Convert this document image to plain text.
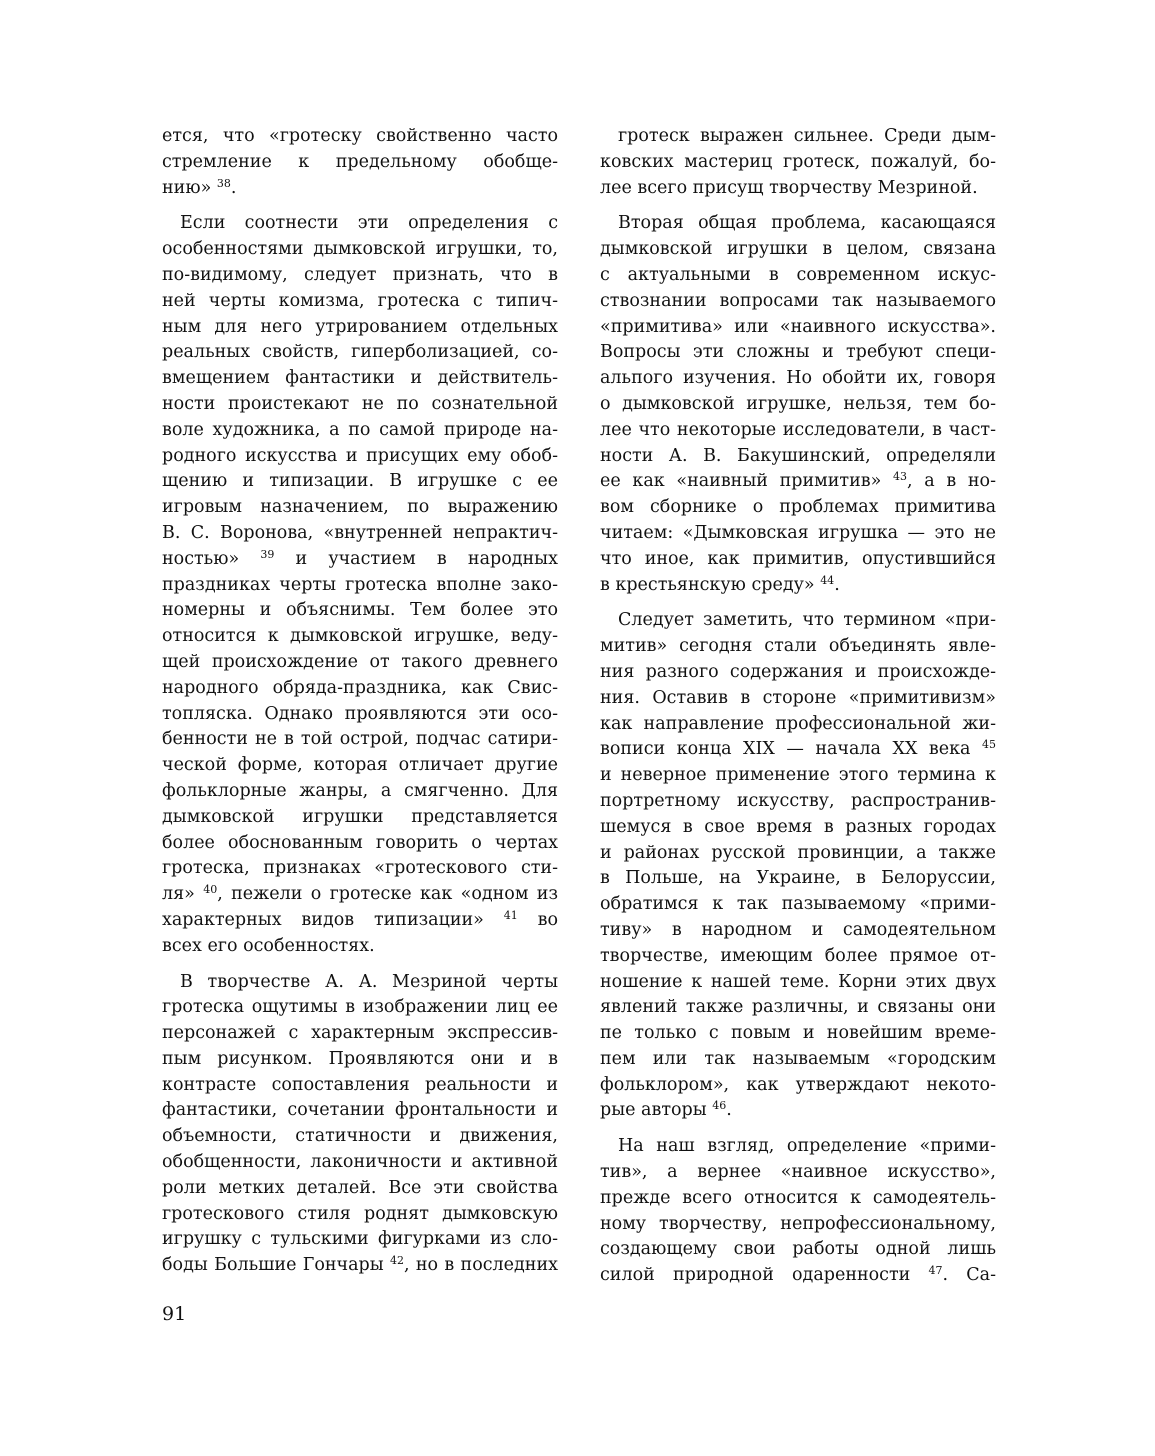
ется, что «гротеску свойственно часто
стремление к предельному обобще-
нию» $^{38}$.
Если соотнести эти определения с
особенностями дымковской игрушки, то,
по-видимому, следует признать, что в
ней черты комизма, гротеска с типич-
ным для него утрированием отдельных
реальных свойств, гиперболизацией, со-
вмещением фантастики и действитель-
ности проистекают не по сознательной
воле художника, а по самой природе на-
родного искусства и присущих ему обоб-
щению и типизации. В игрушке с ее
игровым назначением, по выражению
В. С. Воронова, «внутренней непрактич-
ностью» $^{39}$ и участием в народных
праздниках черты гротеска вполне зако-
номерны и объяснимы. Тем более это
относится к дымковской игрушке, веду-
щей происхождение от такого древнего
народного обряда-праздника, как Свис-
топляска. Однако проявляются эти осо-
бенности не в той острой, подчас сатири-
ческой форме, которая отличает другие
фольклорные жанры, а смягченно. Для
дымковской игрушки представляется
более обоснованным говорить о чертах
гротеска, признаках «гротескового сти-
ля» $^{40}$, пежели о гротеске как «одном из
характерных видов типизации» $^{41}$ во
всех его особенностях.
В творчестве А. А. Мезриной черты
гротеска ощутимы в изображении лиц ее
персонажей с характерным экспрессив-
пым рисунком. Проявляются они и в
контрасте сопоставления реальности и
фантастики, сочетании фронтальности и
объемности, статичности и движения,
обобщенности, лаконичности и активной
роли метких деталей. Все эти свойства
гротескового стиля роднят дымковскую
игрушку с тульскими фигурками из сло-
боды Большие Гончары $^{42}$, но в последних
гротеск выражен сильнее. Среди дым-
ковских мастериц гротеск, пожалуй, бо-
лее всего присущ творчеству Мезриной.
Вторая общая проблема, касающаяся
дымковской игрушки в целом, связана
с актуальными в современном искус-
ствознании вопросами так называемого
«примитива» или «наивного искусства».
Вопросы эти сложны и требуют специ-
альпого изучения. Но обойти их, говоря
о дымковской игрушке, нельзя, тем бо-
лее что некоторые исследователи, в част-
ности А. В. Бакушинский, определяли
ее как «наивный примитив» $^{43}$, а в но-
вом сборнике о проблемах примитива
читаем: «Дымковская игрушка — это не
что иное, как примитив, опустившийся
в крестьянскую среду» $^{44}$.
Следует заметить, что термином «при-
митив» сегодня стали объединять явле-
ния разного содержания и происхожде-
ния. Оставив в стороне «примитивизм»
как направление профессиональной жи-
вописи конца XIX — начала XX века $^{45}$
и неверное применение этого термина к
портретному искусству, распространив-
шемуся в свое время в разных городах
и районах русской провинции, а также
в Польше, на Украине, в Белоруссии,
обратимся к так пазываемому «прими-
тиву» в народном и самодеятельном
творчестве, имеющим более прямое от-
ношение к нашей теме. Корни этих двух
явлений также различны, и связаны они
пе только с повым и новейшим време-
пем или так называемым «городским
фольклором», как утверждают некото-
рые авторы $^{46}$.
На наш взгляд, определение «прими-
тив», а вернее «наивное искусство»,
прежде всего относится к самодеятель-
ному творчеству, непрофессиональному,
создающему свои работы одной лишь
силой природной одаренности $^{47}$. Са-
91
